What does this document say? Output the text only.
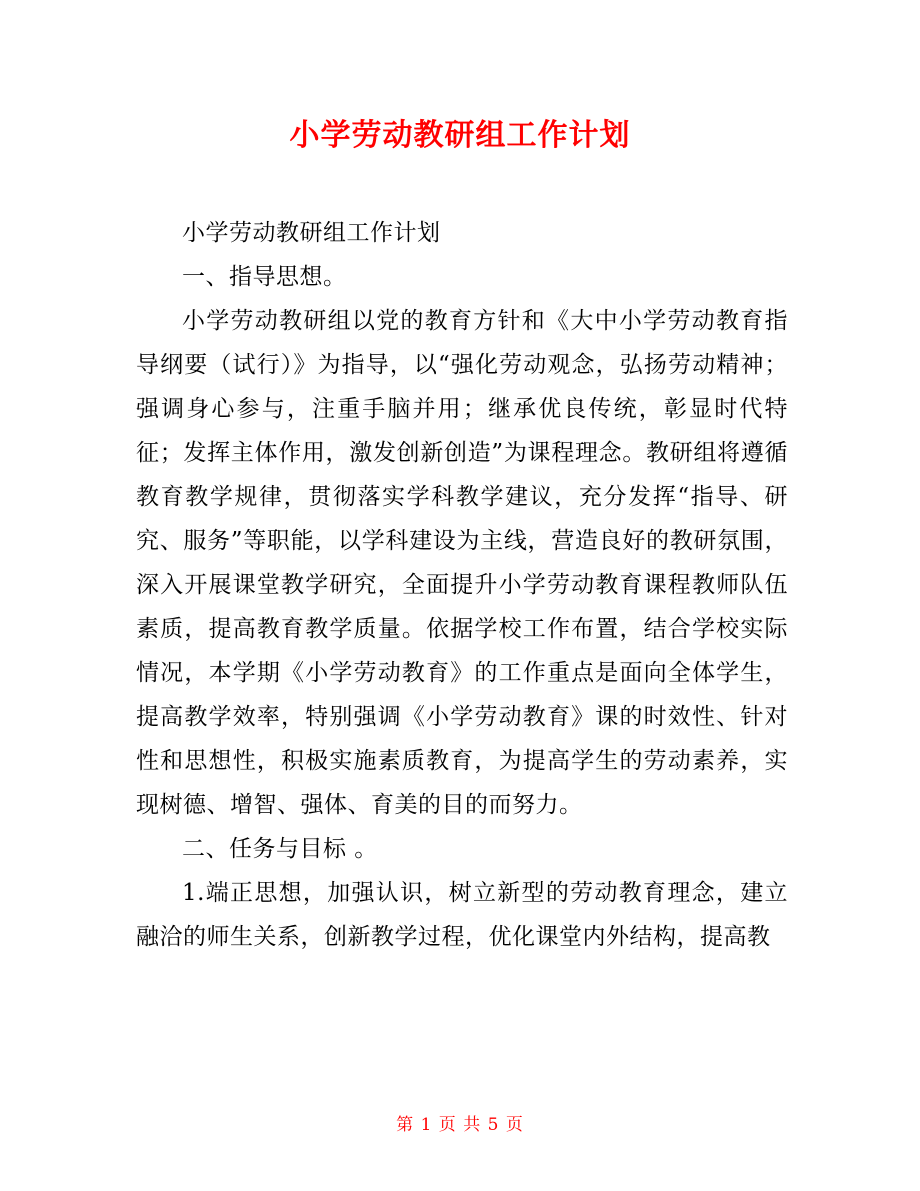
小学劳动教研组工作计划

小学劳动教研组工作计划

一、指导思想。

小学劳动教研组以党的教育方针和《大中小学劳动教育指导纲要（试行）》为指导，以“强化劳动观念，弘扬劳动精神；强调身心参与，注重手脑并用；继承优良传统，彰显时代特征；发挥主体作用，激发创新创造”为课程理念。教研组将遵循教育教学规律，贯彻落实学科教学建议，充分发挥“指导、研究、服务”等职能，以学科建设为主线，营造良好的教研氛围，深入开展课堂教学研究，全面提升小学劳动教育课程教师队伍素质，提高教育教学质量。依据学校工作布置，结合学校实际情况，本学期《小学劳动教育》的工作重点是面向全体学生，提高教学效率，特别强调《小学劳动教育》课的时效性、针对性和思想性，积极实施素质教育，为提高学生的劳动素养，实现树德、增智、强体、育美的目的而努力。

二、任务与目标 。

1.端正思想，加强认识，树立新型的劳动教育理念，建立融洽的师生关系，创新教学过程，优化课堂内外结构，提高教

第 1 页 共 5 页
